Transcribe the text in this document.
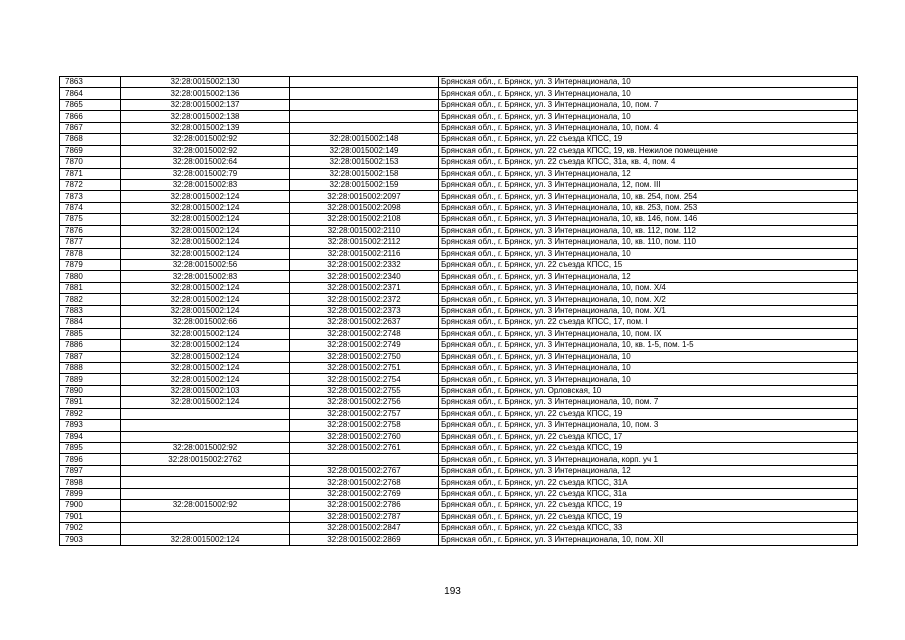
7863	32:28:0015002:130		Брянская обл., г. Брянск, ул. 3 Интернационала, 10
7864	32:28:0015002:136		Брянская обл., г. Брянск, ул. 3 Интернационала, 10
7865	32:28:0015002:137		Брянская обл., г. Брянск, ул. 3 Интернационала, 10, пом. 7
7866	32:28:0015002:138		Брянская обл., г. Брянск, ул. 3 Интернационала, 10
7867	32:28:0015002:139		Брянская обл., г. Брянск, ул. 3 Интернационала, 10, пом. 4
7868	32:28:0015002:92	32:28:0015002:148	Брянская обл., г. Брянск, ул. 22 съезда КПСС, 19
7869	32:28:0015002:92	32:28:0015002:149	Брянская обл., г. Брянск, ул. 22 съезда КПСС, 19, кв. Нежилое помещение
7870	32:28:0015002:64	32:28:0015002:153	Брянская обл., г. Брянск, ул. 22 съезда КПСС, 31а, кв. 4, пом. 4
7871	32:28:0015002:79	32:28:0015002:158	Брянская обл., г. Брянск, ул. 3 Интернационала, 12
7872	32:28:0015002:83	32:28:0015002:159	Брянская обл., г. Брянск, ул. 3 Интернационала, 12, пом. III
7873	32:28:0015002:124	32:28:0015002:2097	Брянская обл., г. Брянск, ул. 3 Интернационала, 10, кв. 254, пом. 254
7874	32:28:0015002:124	32:28:0015002:2098	Брянская обл., г. Брянск, ул. 3 Интернационала, 10, кв. 253, пом. 253
7875	32:28:0015002:124	32:28:0015002:2108	Брянская обл., г. Брянск, ул. 3 Интернационала, 10, кв. 146, пом. 146
7876	32:28:0015002:124	32:28:0015002:2110	Брянская обл., г. Брянск, ул. 3 Интернационала, 10, кв. 112, пом. 112
7877	32:28:0015002:124	32:28:0015002:2112	Брянская обл., г. Брянск, ул. 3 Интернационала, 10, кв. 110, пом. 110
7878	32:28:0015002:124	32:28:0015002:2116	Брянская обл., г. Брянск, ул. 3 Интернационала, 10
7879	32:28:0015002:56	32:28:0015002:2332	Брянская обл., г. Брянск, ул. 22 съезда КПСС, 15
7880	32:28:0015002:83	32:28:0015002:2340	Брянская обл., г. Брянск, ул. 3 Интернационала, 12
7881	32:28:0015002:124	32:28:0015002:2371	Брянская обл., г. Брянск, ул. 3 Интернационала, 10, пом. Х/4
7882	32:28:0015002:124	32:28:0015002:2372	Брянская обл., г. Брянск, ул. 3 Интернационала, 10, пом. Х/2
7883	32:28:0015002:124	32:28:0015002:2373	Брянская обл., г. Брянск, ул. 3 Интернационала, 10, пом. Х/1
7884	32:28:0015002:66	32:28:0015002:2637	Брянская обл., г. Брянск, ул. 22 съезда КПСС, 17, пом. I
7885	32:28:0015002:124	32:28:0015002:2748	Брянская обл., г. Брянск, ул. 3 Интернационала, 10, пом. IX
7886	32:28:0015002:124	32:28:0015002:2749	Брянская обл., г. Брянск, ул. 3 Интернационала, 10, кв. 1-5, пом. 1-5
7887	32:28:0015002:124	32:28:0015002:2750	Брянская обл., г. Брянск, ул. 3 Интернационала, 10
7888	32:28:0015002:124	32:28:0015002:2751	Брянская обл., г. Брянск, ул. 3 Интернационала, 10
7889	32:28:0015002:124	32:28:0015002:2754	Брянская обл., г. Брянск, ул. 3 Интернационала, 10
7890	32:28:0015002:103	32:28:0015002:2755	Брянская обл., г. Брянск, ул. Орловская, 10
7891	32:28:0015002:124	32:28:0015002:2756	Брянская обл., г. Брянск, ул. 3 Интернационала, 10, пом. 7
7892		32:28:0015002:2757	Брянская обл., г. Брянск, ул. 22 съезда КПСС, 19
7893		32:28:0015002:2758	Брянская обл., г. Брянск, ул. 3 Интернационала, 10, пом. 3
7894		32:28:0015002:2760	Брянская обл., г. Брянск, ул. 22 съезда КПСС, 17
7895	32:28:0015002:92	32:28:0015002:2761	Брянская обл., г. Брянск, ул. 22 съезда КПСС, 19
7896	32:28:0015002:2762		Брянская обл., г. Брянск, ул. 3 Интернационала, корп. уч 1
7897		32:28:0015002:2767	Брянская обл., г. Брянск, ул. 3 Интернационала, 12
7898		32:28:0015002:2768	Брянская обл., г. Брянск, ул. 22 съезда КПСС, 31А
7899		32:28:0015002:2769	Брянская обл., г. Брянск, ул. 22 съезда КПСС, 31а
7900	32:28:0015002:92	32:28:0015002:2786	Брянская обл., г. Брянск, ул. 22 съезда КПСС, 19
7901		32:28:0015002:2787	Брянская обл., г. Брянск, ул. 22 съезда КПСС, 19
7902		32:28:0015002:2847	Брянская обл., г. Брянск, ул. 22 съезда КПСС, 33
7903	32:28:0015002:124	32:28:0015002:2869	Брянская обл., г. Брянск, ул. 3 Интернационала, 10, пом. XII
193
